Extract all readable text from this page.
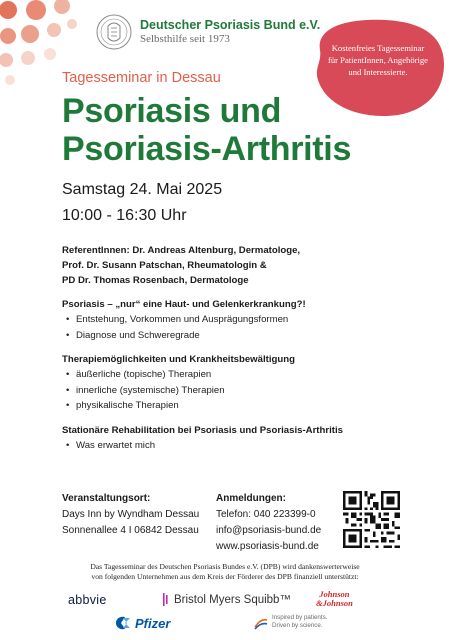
Deutscher Psoriasis Bund e.V.
Selbsthilfe seit 1973
Kostenfreies Tagesseminar
für PatientInnen, Angehörige
und Interessierte.
Tagesseminar in Dessau
Psoriasis und
Psoriasis-Arthritis
Samstag 24. Mai 2025
10:00 - 16:30 Uhr
ReferentInnen: Dr. Andreas Altenburg, Dermatologe,
Prof. Dr. Susann Patschan, Rheumatologin &
PD Dr. Thomas Rosenbach, Dermatologe
Psoriasis – „nur“ eine Haut- und Gelenkerkrankung?!
• Entstehung, Vorkommen und Ausprägungsformen
• Diagnose und Schweregrade
Therapiemöglichkeiten und Krankheitsbewältigung
• äußerliche (topische) Therapien
• innerliche (systemische) Therapien
• physikalische Therapien
Stationäre Rehabilitation bei Psoriasis und Psoriasis-Arthritis
• Was erwartet mich
Veranstaltungsort:
Days Inn by Wyndham Dessau
Sonnenallee 4 I 06842 Dessau
Anmeldungen:
Telefon: 040 223399-0
info@psoriasis-bund.de
www.psoriasis-bund.de
Das Tagesseminar des Deutschen Psoriasis Bundes e.V. (DPB) wird dankenswerterweise
von folgenden Unternehmen aus dem Kreis der Förderer des DPB finanziell unterstützt:
abbvie	Bristol Myers Squibb™	Johnson
&Johnson
Pfizer	Inspired by patients.
Driven by science.
